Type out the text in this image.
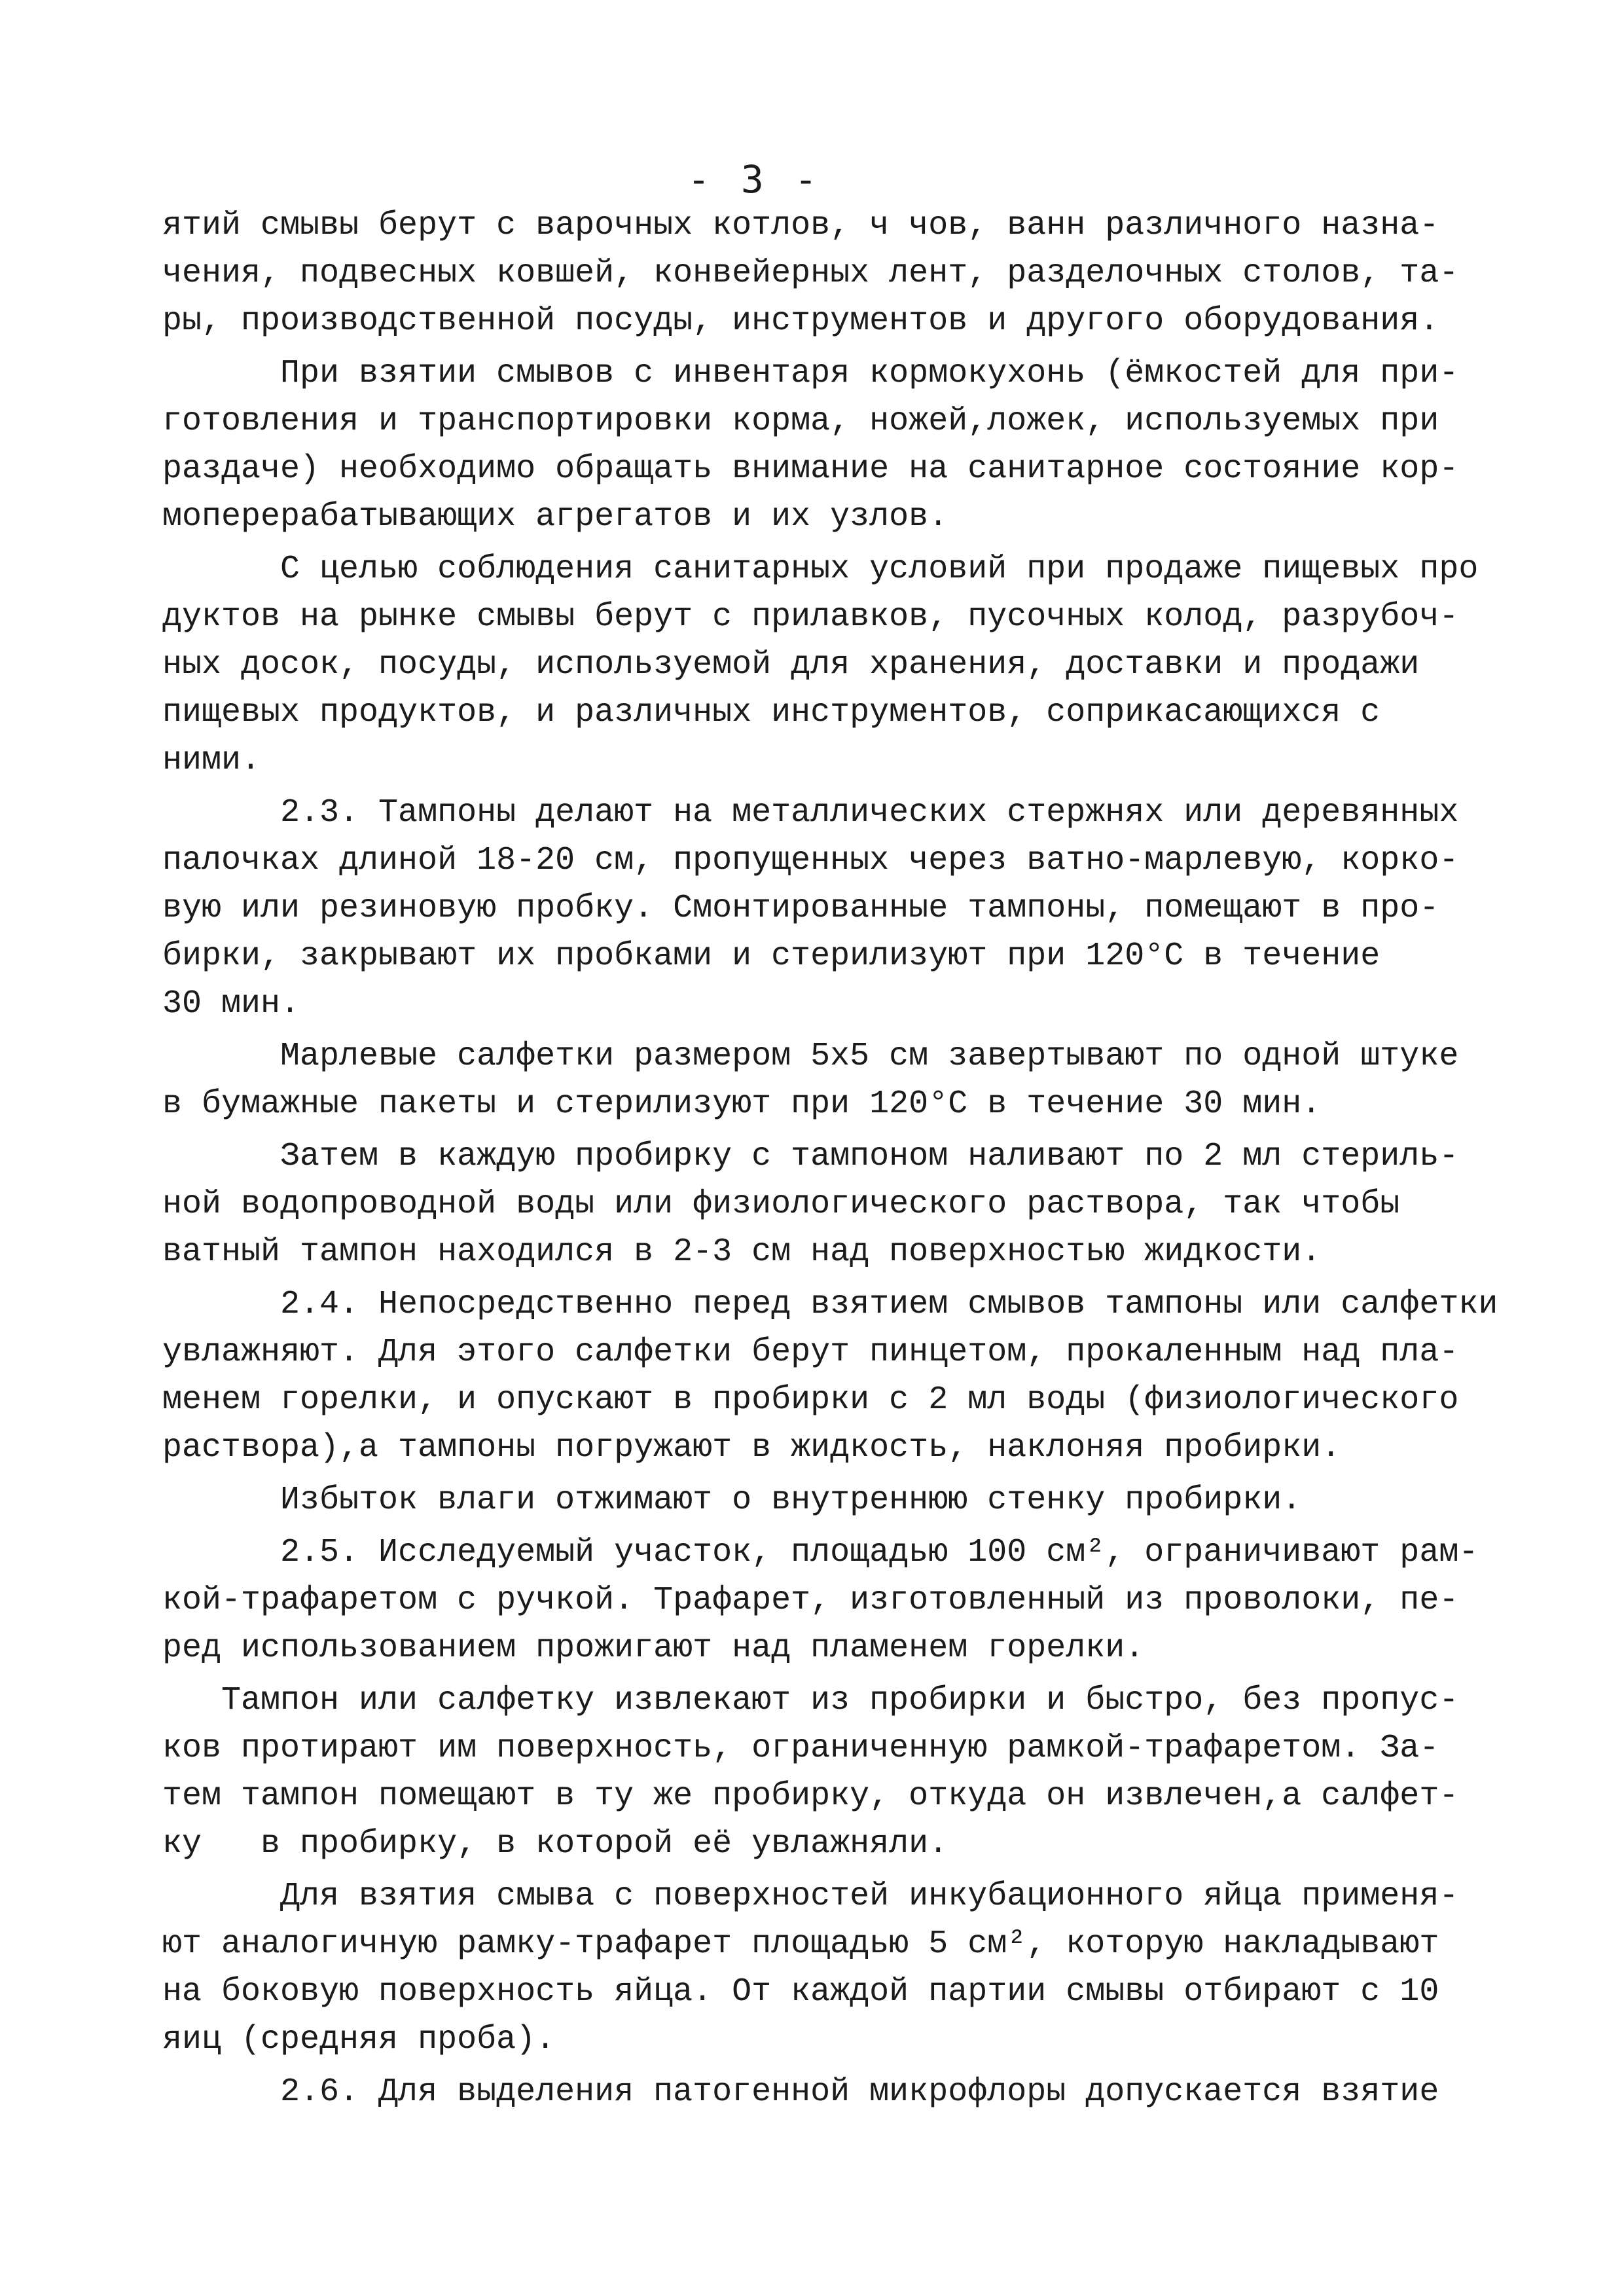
- 3 -
ятий смывы берут с варочных котлов, ч чов, ванн различного назна-
чения, подвесных ковшей, конвейерных лент, разделочных столов, та-
ры, производственной посуды, инструментов и другого оборудования.
При взятии смывов с инвентаря кормокухонь (ёмкостей для при-
готовления и транспортировки корма, ножей,ложек, используемых при
раздаче) необходимо обращать внимание на санитарное состояние кор-
моперерабатывающих агрегатов и их узлов.
С целью соблюдения санитарных условий при продаже пищевых про
дуктов на рынке смывы берут с прилавков, пусочных колод, разрубоч-
ных досок, посуды, используемой для хранения, доставки и продажи
пищевых продуктов, и различных инструментов, соприкасающихся с
ними.
2.3. Тампоны делают на металлических стержнях или деревянных
палочках длиной 18-20 см, пропущенных через ватно-марлевую, корко-
вую или резиновую пробку. Смонтированные тампоны, помещают в про-
бирки, закрывают их пробками и стерилизуют при 120°С в течение
30 мин.
Марлевые салфетки размером 5х5 см завертывают по одной штуке
в бумажные пакеты и стерилизуют при 120°С в течение 30 мин.
Затем в каждую пробирку с тампоном наливают по 2 мл стериль-
ной водопроводной воды или физиологического раствора, так чтобы
ватный тампон находился в 2-3 см над поверхностью жидкости.
2.4. Непосредственно перед взятием смывов тампоны или салфетки
увлажняют. Для этого салфетки берут пинцетом, прокаленным над пла-
менем горелки, и опускают в пробирки с 2 мл воды (физиологического
раствора),а тампоны погружают в жидкость, наклоняя пробирки.
Избыток влаги отжимают о внутреннюю стенку пробирки.
2.5. Исследуемый участок, площадью 100 см², ограничивают рам-
кой-трафаретом с ручкой. Трафарет, изготовленный из проволоки, пе-
ред использованием прожигают над пламенем горелки.
Тампон или салфетку извлекают из пробирки и быстро, без пропус-
ков протирают им поверхность, ограниченную рамкой-трафаретом. За-
тем тампон помещают в ту же пробирку, откуда он извлечен,а салфет-
ку   в пробирку, в которой её увлажняли.
Для взятия смыва с поверхностей инкубационного яйца применя-
ют аналогичную рамку-трафарет площадью 5 см², которую накладывают
на боковую поверхность яйца. От каждой партии смывы отбирают с 10
яиц (средняя проба).
2.6. Для выделения патогенной микрофлоры допускается взятие
